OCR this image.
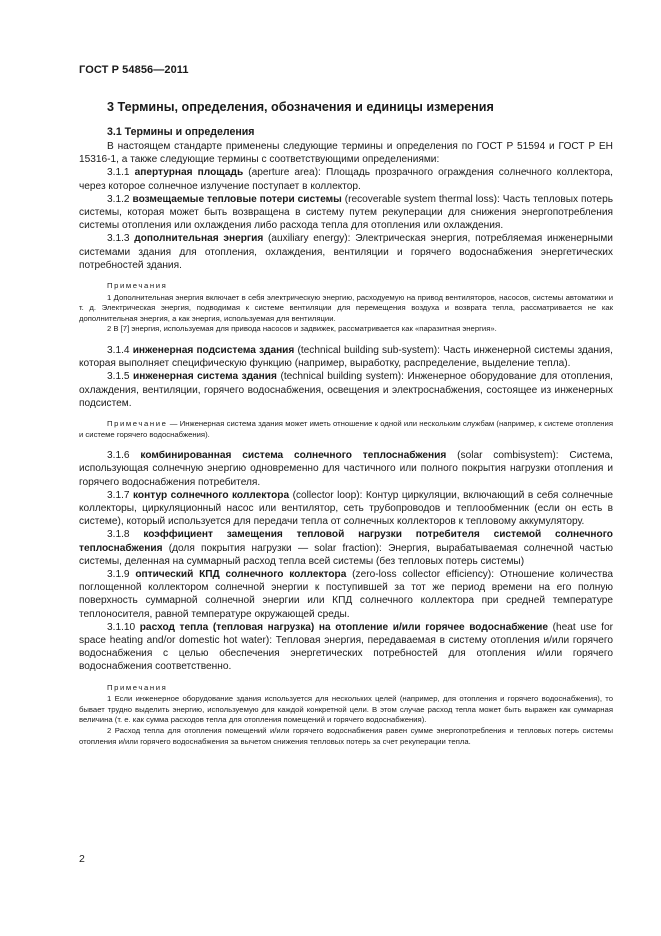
ГОСТ Р 54856—2011
3 Термины, определения, обозначения и единицы измерения
3.1 Термины и определения

В настоящем стандарте применены следующие термины и определения по ГОСТ Р 51594 и ГОСТ Р ЕН 15316-1, а также следующие термины с соответствующими определениями:

3.1.1 апертурная площадь (aperture area): Площадь прозрачного ограждения солнечного коллектора, через которое солнечное излучение поступает в коллектор.

3.1.2 возмещаемые тепловые потери системы (recoverable system thermal loss): Часть тепловых потерь системы, которая может быть возвращена в систему путем рекуперации для снижения энергопотребления системы отопления или охлаждения либо расхода тепла для отопления или охлаждения.

3.1.3 дополнительная энергия (auxiliary energy): Электрическая энергия, потребляемая инженерными системами здания для отопления, охлаждения, вентиляции и горячего водоснабжения энергетических потребностей здания.

Примечания

1 Дополнительная энергия включает в себя электрическую энергию, расходуемую на привод вентиляторов, насосов, системы автоматики и т. д. Электрическая энергия, подводимая к системе вентиляции для перемещения воздуха и возврата тепла, рассматривается не как дополнительная энергия, а как энергия, используемая для вентиляции.

2 В [7] энергия, используемая для привода насосов и задвижек, рассматривается как «паразитная энергия».

3.1.4 инженерная подсистема здания (technical building sub-system): Часть инженерной системы здания, которая выполняет специфическую функцию (например, выработку, распределение, выделение тепла).

3.1.5 инженерная система здания (technical building system): Инженерное оборудование для отопления, охлаждения, вентиляции, горячего водоснабжения, освещения и электроснабжения, состоящее из инженерных подсистем.

Примечание — Инженерная система здания может иметь отношение к одной или нескольким службам (например, к системе отопления и системе горячего водоснабжения).

3.1.6 комбинированная система солнечного теплоснабжения (solar combisystem): Система, использующая солнечную энергию одновременно для частичного или полного покрытия нагрузки отопления и горячего водоснабжения потребителя.

3.1.7 контур солнечного коллектора (collector loop): Контур циркуляции, включающий в себя солнечные коллекторы, циркуляционный насос или вентилятор, сеть трубопроводов и теплообменник (если он есть в системе), который используется для передачи тепла от солнечных коллекторов к тепловому аккумулятору.

3.1.8 коэффициент замещения тепловой нагрузки потребителя системой солнечного теплоснабжения (доля покрытия нагрузки — solar fraction): Энергия, вырабатываемая солнечной частью системы, деленная на суммарный расход тепла всей системы (без тепловых потерь системы)

3.1.9 оптический КПД солнечного коллектора (zero-loss collector efficiency): Отношение количества поглощенной коллектором солнечной энергии к поступившей за тот же период времени на его полную поверхность суммарной солнечной энергии или КПД солнечного коллектора при средней температуре теплоносителя, равной температуре окружающей среды.

3.1.10 расход тепла (тепловая нагрузка) на отопление и/или горячее водоснабжение (heat use for space heating and/or domestic hot water): Тепловая энергия, передаваемая в систему отопления и/или горячего водоснабжения с целью обеспечения энергетических потребностей для отопления и/или горячего водоснабжения соответственно.

Примечания

1 Если инженерное оборудование здания используется для нескольких целей (например, для отопления и горячего водоснабжения), то бывает трудно выделить энергию, используемую для каждой конкретной цели. В этом случае расход тепла может быть выражен как суммарная величина (т. е. как сумма расходов тепла для отопления помещений и горячего водоснабжения).

2 Расход тепла для отопления помещений и/или горячего водоснабжения равен сумме энергопотребления и тепловых потерь системы отопления и/или горячего водоснабжения за вычетом снижения тепловых потерь за счет рекуперации тепла.

2
